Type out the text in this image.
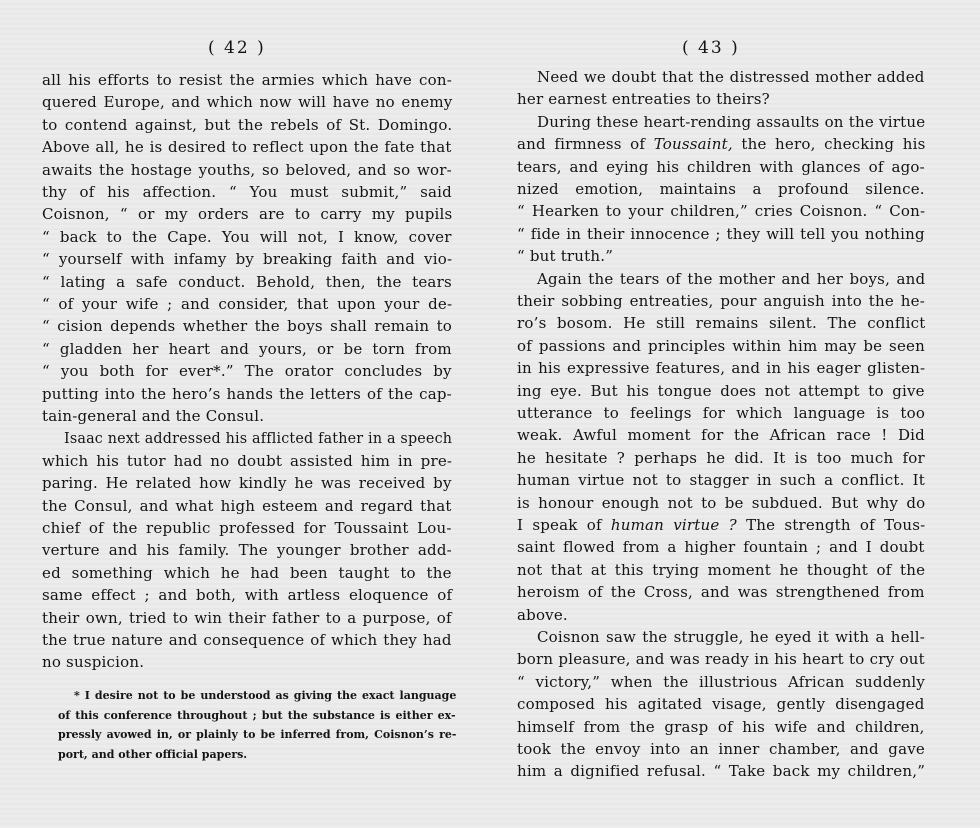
( 42 )
all his efforts to resist the armies which have con-
quered Europe, and which now will have no enemy
to contend against, but the rebels of St. Domingo.
Above all, he is desired to reflect upon the fate that
awaits the hostage youths, so beloved, and so wor-
thy of his affection. “ You must submit,” said
Coisnon, “ or my orders are to carry my pupils
“ back to the Cape. You will not, I know, cover
“ yourself with infamy by breaking faith and vio-
“ lating a safe conduct. Behold, then, the tears
“ of your wife ; and consider, that upon your de-
“ cision depends whether the boys shall remain to
“ gladden her heart and yours, or be torn from
“ you both for ever*.” The orator concludes by
putting into the hero’s hands the letters of the cap-
tain-general and the Consul.
Isaac next addressed his afflicted father in a speech
which his tutor had no doubt assisted him in pre-
paring. He related how kindly he was received by
the Consul, and what high esteem and regard that
chief of the republic professed for Toussaint Lou-
verture and his family. The younger brother add-
ed something which he had been taught to the
same effect ; and both, with artless eloquence of
their own, tried to win their father to a purpose, of
the true nature and consequence of which they had
no suspicion.
* I desire not to be understood as giving the exact language
of this conference throughout ; but the substance is either ex-
pressly avowed in, or plainly to be inferred from, Coisnon’s re-
port, and other official papers.
( 43 )
Need we doubt that the distressed mother added
her earnest entreaties to theirs?
During these heart-rending assaults on the virtue
and firmness of Toussaint, the hero, checking his
tears, and eying his children with glances of ago-
nized emotion, maintains a profound silence.
“ Hearken to your children,” cries Coisnon. “ Con-
“ fide in their innocence ; they will tell you nothing
“ but truth.”
Again the tears of the mother and her boys, and
their sobbing entreaties, pour anguish into the he-
ro’s bosom. He still remains silent. The conflict
of passions and principles within him may be seen
in his expressive features, and in his eager glisten-
ing eye. But his tongue does not attempt to give
utterance to feelings for which language is too
weak. Awful moment for the African race ! Did
he hesitate ? perhaps he did. It is too much for
human virtue not to stagger in such a conflict. It
is honour enough not to be subdued. But why do
I speak of human virtue ? The strength of Tous-
saint flowed from a higher fountain ; and I doubt
not that at this trying moment he thought of the
heroism of the Cross, and was strengthened from
above.
Coisnon saw the struggle, he eyed it with a hell-
born pleasure, and was ready in his heart to cry out
“ victory,” when the illustrious African suddenly
composed his agitated visage, gently disengaged
himself from the grasp of his wife and children,
took the envoy into an inner chamber, and gave
him a dignified refusal. “ Take back my children,”
